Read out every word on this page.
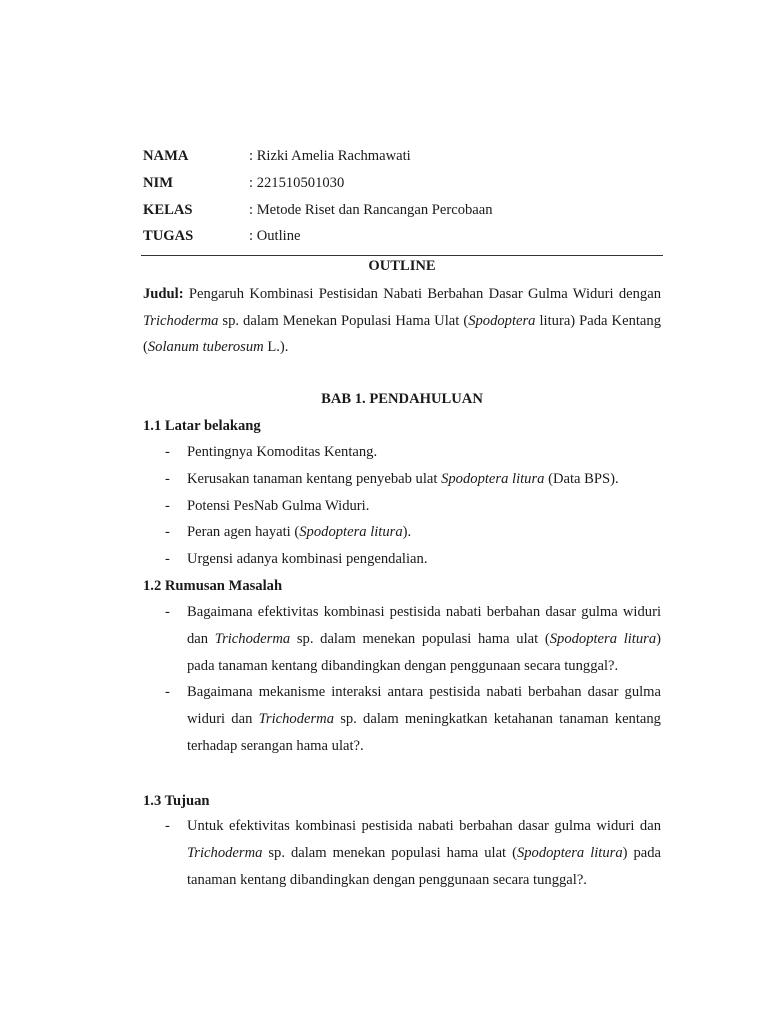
NAMA	: Rizki Amelia Rachmawati
NIM	: 221510501030
KELAS	: Metode Riset dan Rancangan Percobaan
TUGAS	: Outline
OUTLINE

Judul: Pengaruh Kombinasi Pestisidan Nabati Berbahan Dasar Gulma Widuri dengan Trichoderma sp. dalam Menekan Populasi Hama Ulat (Spodoptera litura) Pada Kentang (Solanum tuberosum L.).

BAB 1. PENDAHULUAN
1.1 Latar belakang
- Pentingnya Komoditas Kentang.
- Kerusakan tanaman kentang penyebab ulat Spodoptera litura (Data BPS).
- Potensi PesNab Gulma Widuri.
- Peran agen hayati (Spodoptera litura).
- Urgensi adanya kombinasi pengendalian.
1.2 Rumusan Masalah
- Bagaimana efektivitas kombinasi pestisida nabati berbahan dasar gulma widuri dan Trichoderma sp. dalam menekan populasi hama ulat (Spodoptera litura) pada tanaman kentang dibandingkan dengan penggunaan secara tunggal?.
- Bagaimana mekanisme interaksi antara pestisida nabati berbahan dasar gulma widuri dan Trichoderma sp. dalam meningkatkan ketahanan tanaman kentang terhadap serangan hama ulat?.
1.3 Tujuan
- Untuk efektivitas kombinasi pestisida nabati berbahan dasar gulma widuri dan Trichoderma sp. dalam menekan populasi hama ulat (Spodoptera litura) pada tanaman kentang dibandingkan dengan penggunaan secara tunggal?.
